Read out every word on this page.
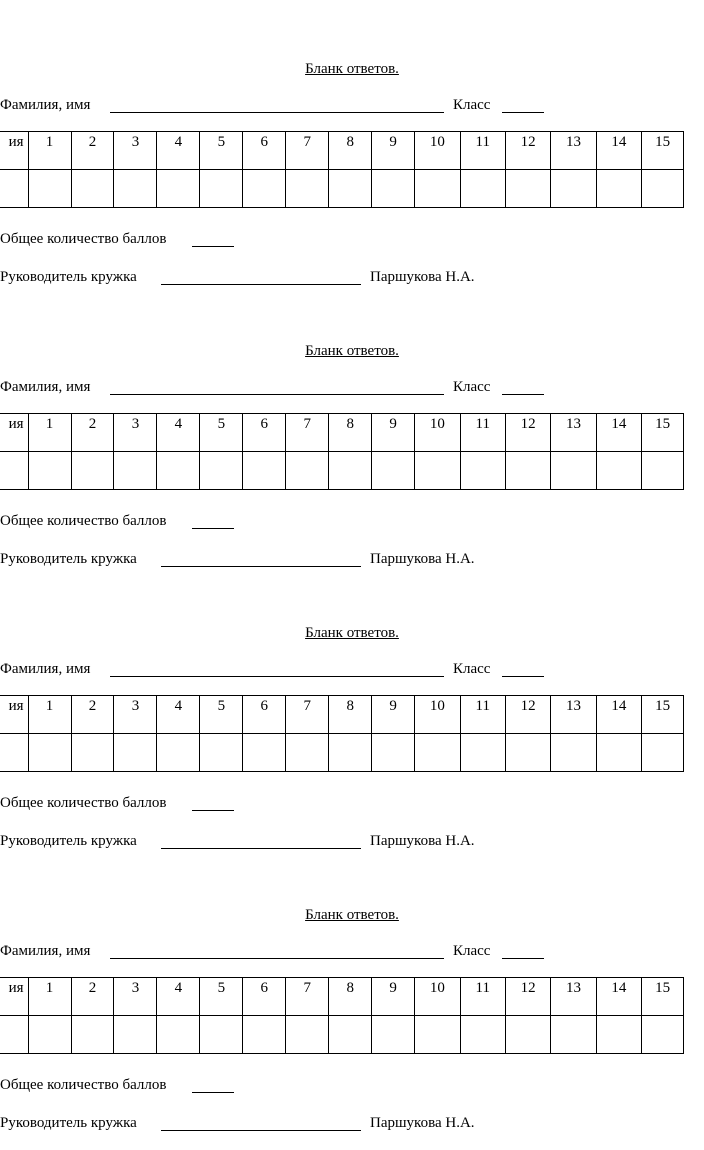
Бланк ответов.
Фамилия, имя	Класс
ия	1	2	3	4	5	6	7	8	9	10	11	12	13	14	15

Общее количество баллов
Руководитель кружка	Паршукова Н.А.
Бланк ответов.
Фамилия, имя	Класс
ия	1	2	3	4	5	6	7	8	9	10	11	12	13	14	15

Общее количество баллов
Руководитель кружка	Паршукова Н.А.
Бланк ответов.
Фамилия, имя	Класс
ия	1	2	3	4	5	6	7	8	9	10	11	12	13	14	15

Общее количество баллов
Руководитель кружка	Паршукова Н.А.
Бланк ответов.
Фамилия, имя	Класс
ия	1	2	3	4	5	6	7	8	9	10	11	12	13	14	15

Общее количество баллов
Руководитель кружка	Паршукова Н.А.
